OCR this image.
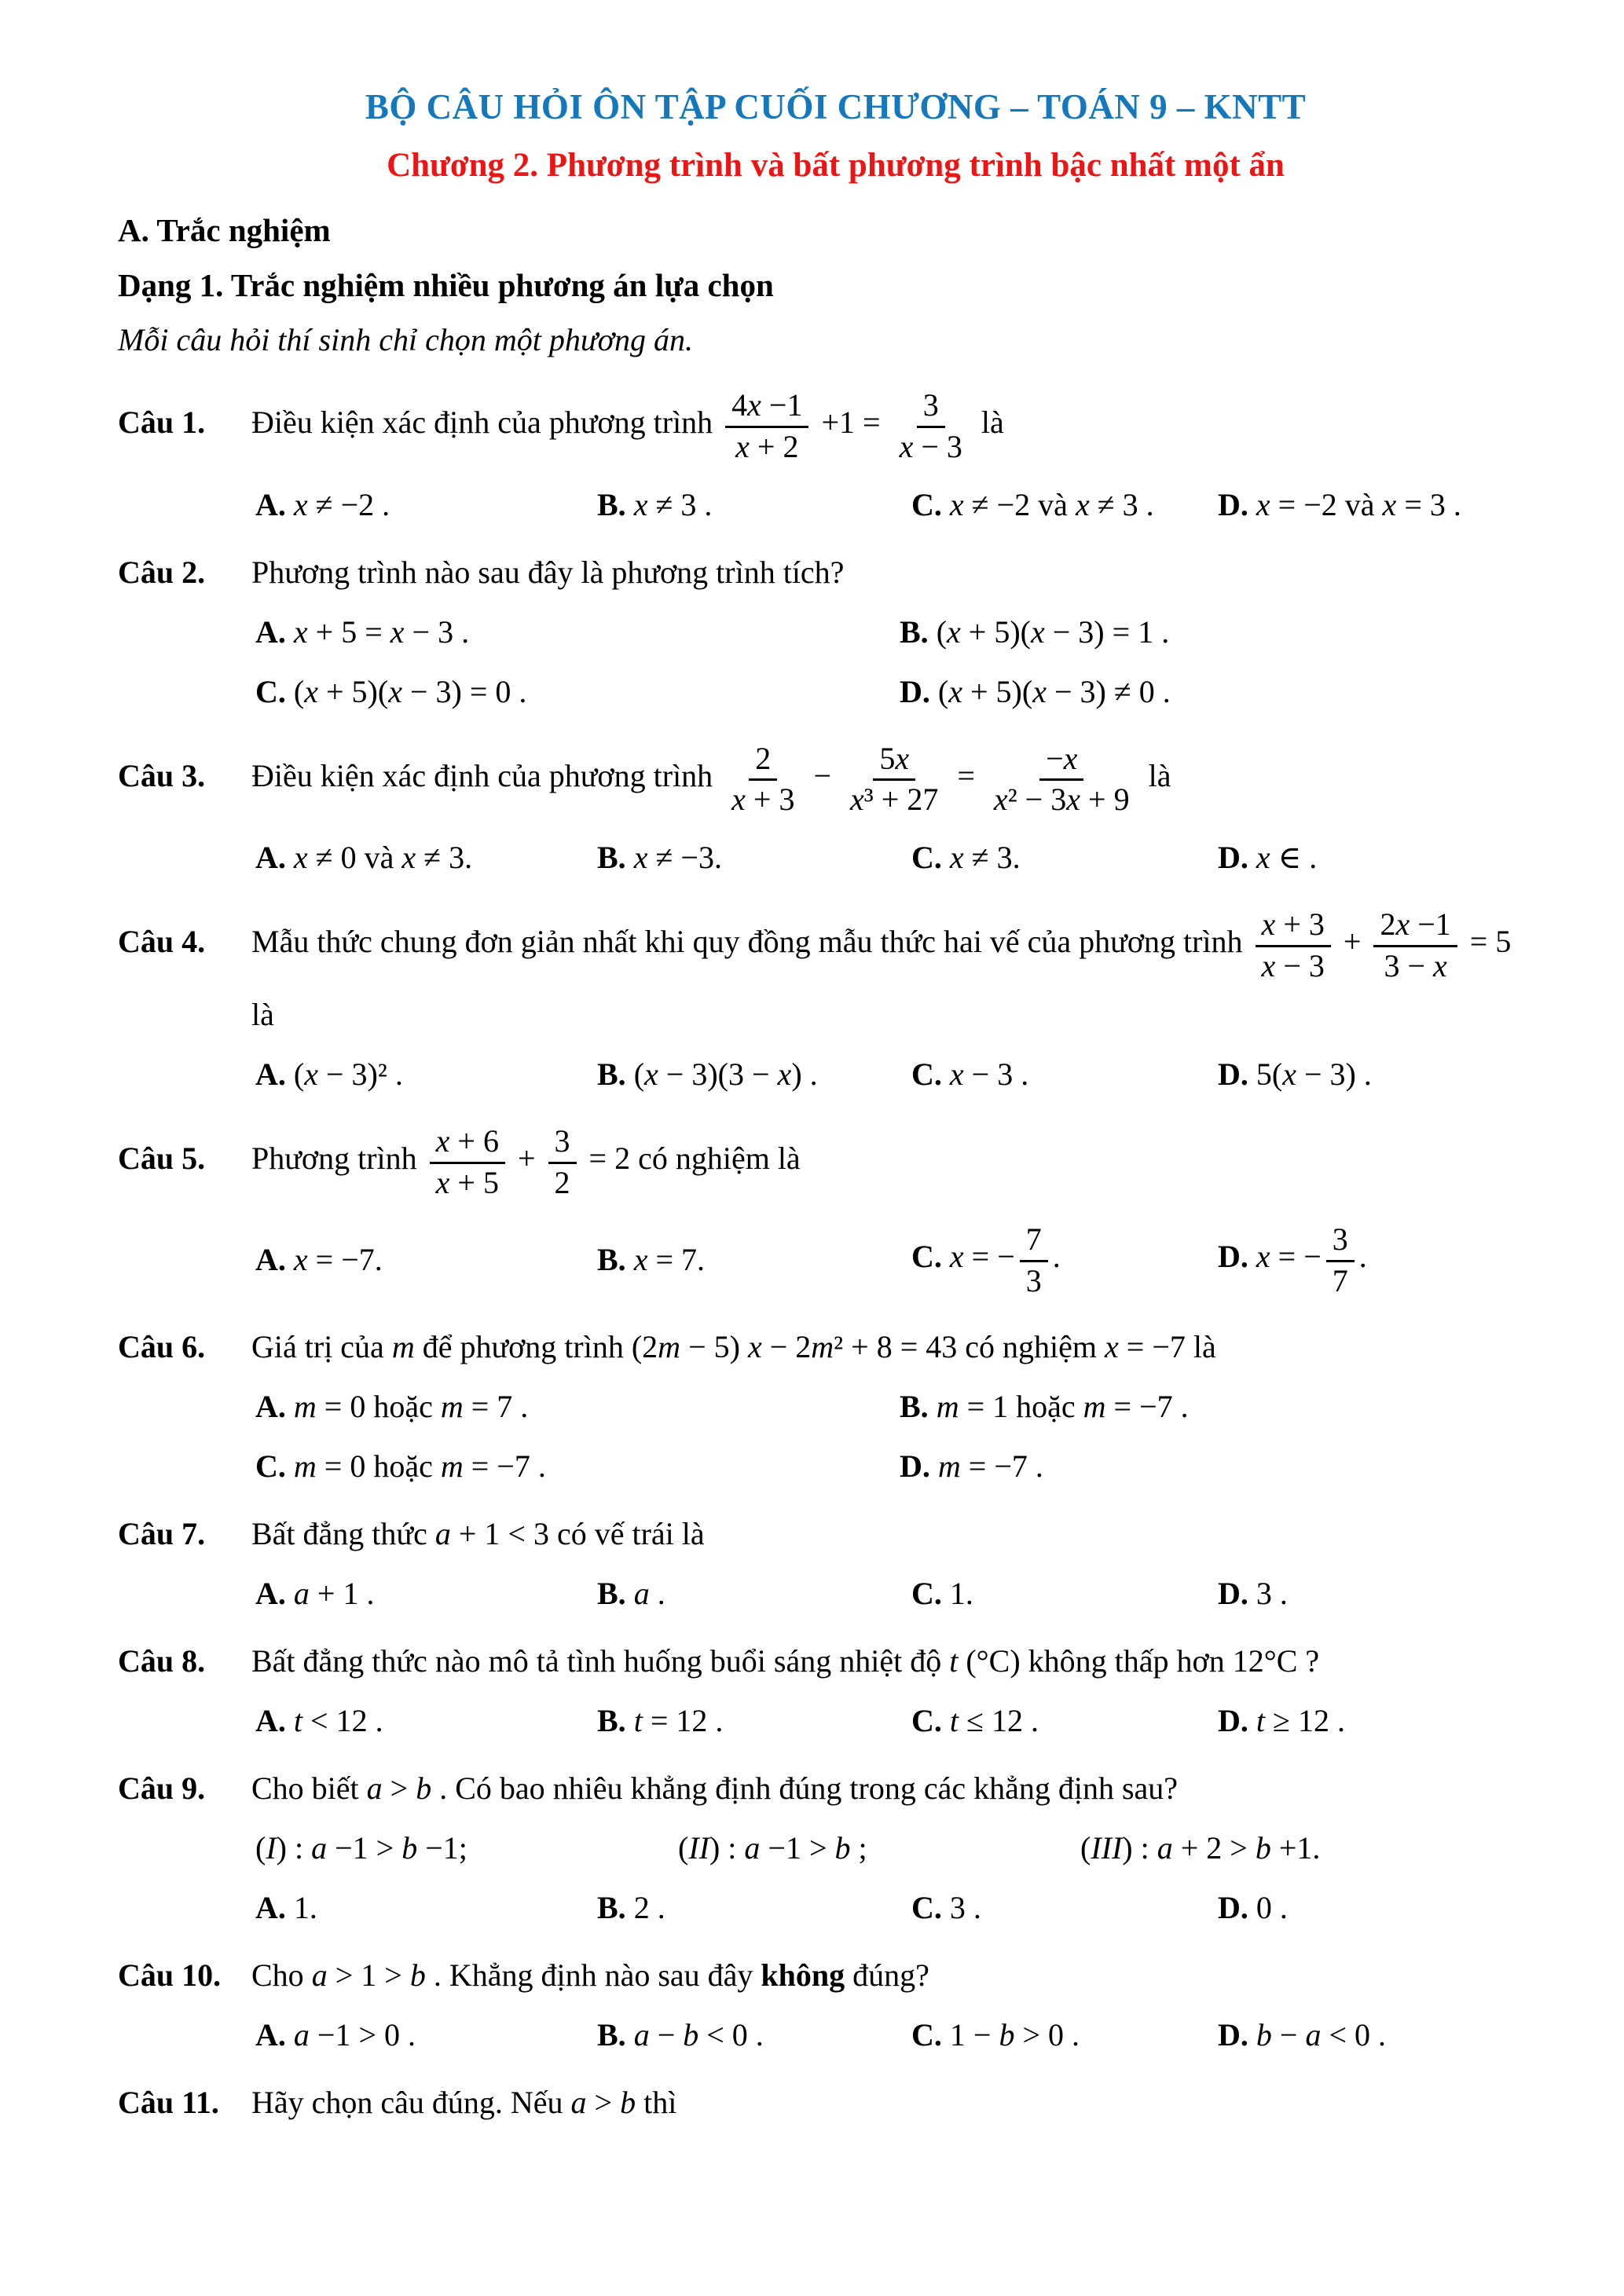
BỘ CÂU HỎI ÔN TẬP CUỐI CHƯƠNG – TOÁN 9 – KNTT
Chương 2. Phương trình và bất phương trình bậc nhất một ẩn
A. Trắc nghiệm
Dạng 1. Trắc nghiệm nhiều phương án lựa chọn
Mỗi câu hỏi thí sinh chỉ chọn một phương án.
Câu 1. Điều kiện xác định của phương trình $\frac{4x -1}{x + 2} +1 = \frac{3}{x - 3}$ là
A. x ≠ −2 .	B. x ≠ 3 .	C. x ≠ −2 và x ≠ 3 .	D. x = −2 và x = 3 .
Câu 2. Phương trình nào sau đây là phương trình tích?
A. x + 5 = x − 3 .	B. (x + 5)(x − 3) = 1 .
C. (x + 5)(x − 3) = 0 .	D. (x + 5)(x − 3) ≠ 0 .
Câu 3. Điều kiện xác định của phương trình $\frac{2}{x + 3} - \frac{5x}{\text{x³ + 27}} = \frac{-x}{\text{x² − 3x + 9}}$ là
A. x ≠ 0 và x ≠ 3.	B. x ≠ −3.	C. x ≠ 3.	D. x ∈ .
Câu 4. Mẫu thức chung đơn giản nhất khi quy đồng mẫu thức hai vế của phương trình $\frac{x + 3}{x - 3} + \frac{2x -1}{3 - x} = 5$
là
A. (x − 3)² .	B. (x − 3)(3 − x) .	C. x − 3 .	D. 5(x − 3) .
Câu 5. Phương trình $\frac{x + 6}{x + 5} + \frac{3}{2} = 2$ có nghiệm là
A. x = −7.	B. x = 7.	C. x = − $\frac{7}{3}$ .	D. x = − $\frac{3}{7}$ .
Câu 6. Giá trị của m để phương trình (2m − 5) x − 2m² + 8 = 43 có nghiệm x = −7 là
A. m = 0 hoặc m = 7 .	B. m = 1 hoặc m = −7 .
C. m = 0 hoặc m = −7 .	D. m = −7 .
Câu 7. Bất đẳng thức a + 1 < 3 có vế trái là
A. a + 1 .	B. a .	C. 1.	D. 3 .
Câu 8. Bất đẳng thức nào mô tả tình huống buổi sáng nhiệt độ t (°C) không thấp hơn 12°C ?
A. t < 12 .	B. t = 12 .	C. t ≤ 12 .	D. t ≥ 12 .
Câu 9. Cho biết a > b . Có bao nhiêu khẳng định đúng trong các khẳng định sau?
(I) : a −1 > b −1;	(II) : a −1 > b ;	(III) : a + 2 > b +1.
A. 1.	B. 2 .	C. 3 .	D. 0 .
Câu 10. Cho a > 1 > b . Khẳng định nào sau đây không đúng?
A. a −1 > 0 .	B. a − b < 0 .	C. 1 − b > 0 .	D. b − a < 0 .
Câu 11. Hãy chọn câu đúng. Nếu a > b thì
